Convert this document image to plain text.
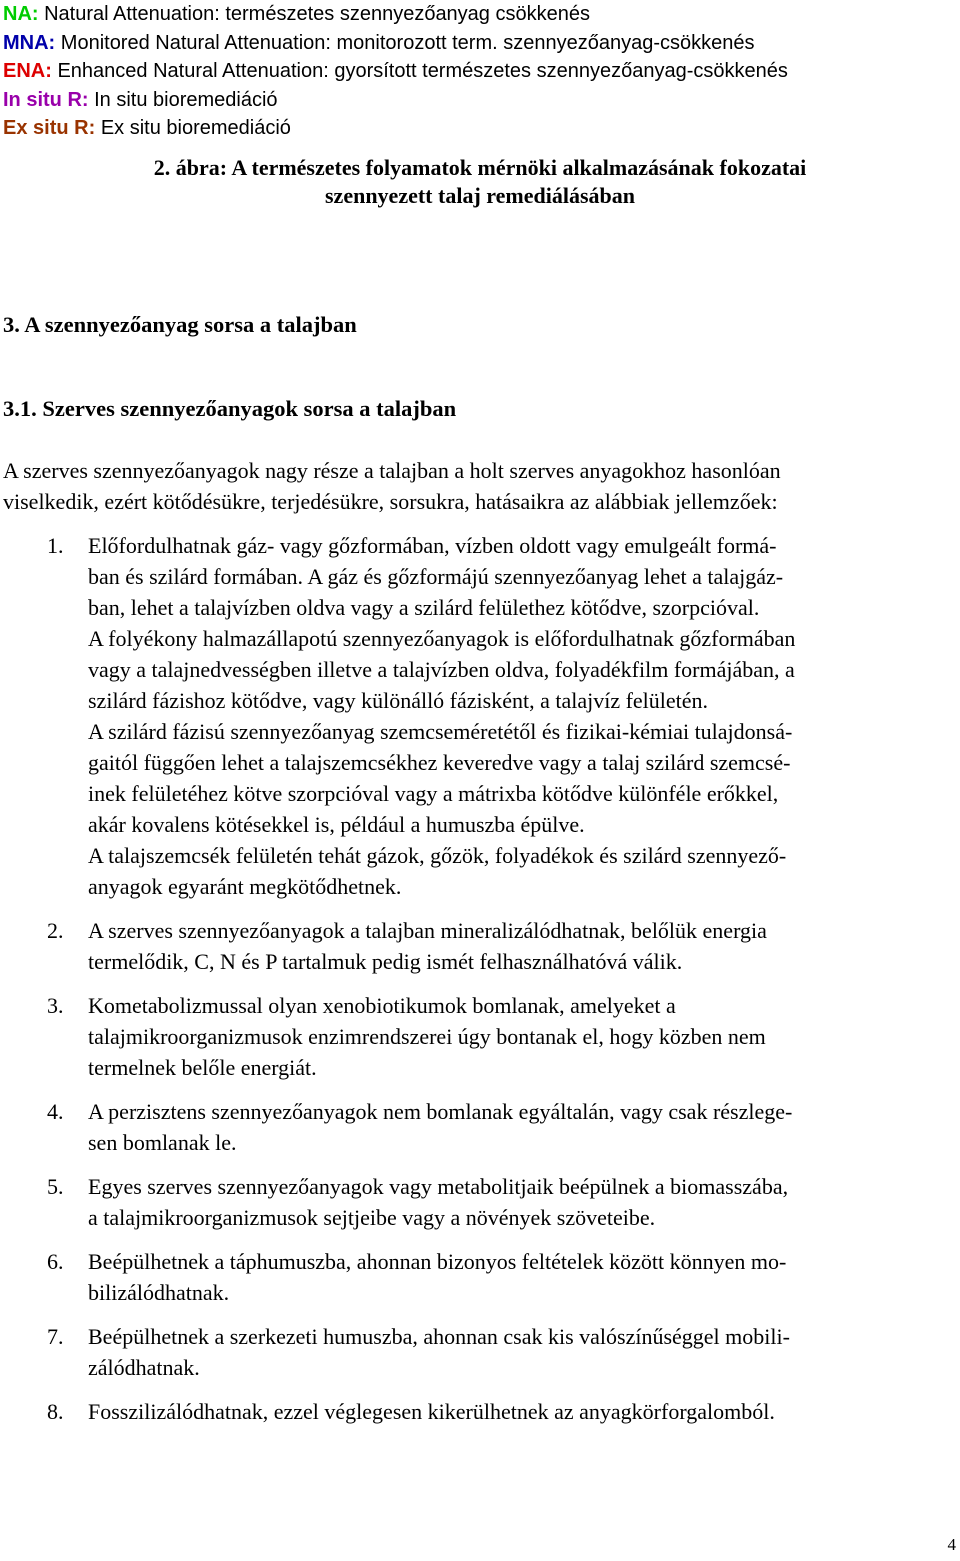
NA: Natural Attenuation: természetes szennyezőanyag csökkenés
MNA: Monitored Natural Attenuation: monitorozott term. szennyezőanyag-csökkenés
ENA: Enhanced Natural Attenuation: gyorsított természetes szennyezőanyag-csökkenés
In situ R: In situ bioremediáció
Ex situ R: Ex situ bioremediáció
2. ábra: A természetes folyamatok mérnöki alkalmazásának fokozatai
szennyezett talaj remediálásában
3. A szennyezőanyag sorsa a talajban
3.1. Szerves szennyezőanyagok sorsa a talajban
A szerves szennyezőanyagok nagy része a talajban a holt szerves anyagokhoz hasonlóan
viselkedik, ezért kötődésükre, terjedésükre, sorsukra, hatásaikra az alábbiak jellemzőek:
1. Előfordulhatnak gáz- vagy gőzformában, vízben oldott vagy emulgeált formá-
ban és szilárd formában. A gáz és gőzformájú szennyezőanyag lehet a talajgáz-
ban, lehet a talajvízben oldva vagy a szilárd felülethez kötődve, szorpcióval.
A folyékony halmazállapotú szennyezőanyagok is előfordulhatnak gőzformában
vagy a talajnedvességben illetve a talajvízben oldva, folyadékfilm formájában, a
szilárd fázishoz kötődve, vagy különálló fázisként, a talajvíz felületén.
A szilárd fázisú szennyezőanyag szemcseméretétől és fizikai-kémiai tulajdonsá-
gaitól függően lehet a talajszemcsékhez keveredve vagy a talaj szilárd szemcsé-
inek felületéhez kötve szorpcióval vagy a mátrixba kötődve különféle erőkkel,
akár kovalens kötésekkel is, például a humuszba épülve.
A talajszemcsék felületén tehát gázok, gőzök, folyadékok és szilárd szennyező-
anyagok egyaránt megkötődhetnek.
2. A szerves szennyezőanyagok a talajban mineralizálódhatnak, belőlük energia
termelődik, C, N és P tartalmuk pedig ismét felhasználhatóvá válik.
3. Kometabolizmussal olyan xenobiotikumok bomlanak, amelyeket a
talajmikroorganizmusok enzimrendszerei úgy bontanak el, hogy közben nem
termelnek belőle energiát.
4. A perzisztens szennyezőanyagok nem bomlanak egyáltalán, vagy csak részlege-
sen bomlanak le.
5. Egyes szerves szennyezőanyagok vagy metabolitjaik beépülnek a biomasszába,
a talajmikroorganizmusok sejtjeibe vagy a növények szöveteibe.
6. Beépülhetnek a táphumuszba, ahonnan bizonyos feltételek között könnyen mo-
bilizálódhatnak.
7. Beépülhetnek a szerkezeti humuszba, ahonnan csak kis valószínűséggel mobili-
zálódhatnak.
8. Fosszilizálódhatnak, ezzel véglegesen kikerülhetnek az anyagkörforgalomból.
4
